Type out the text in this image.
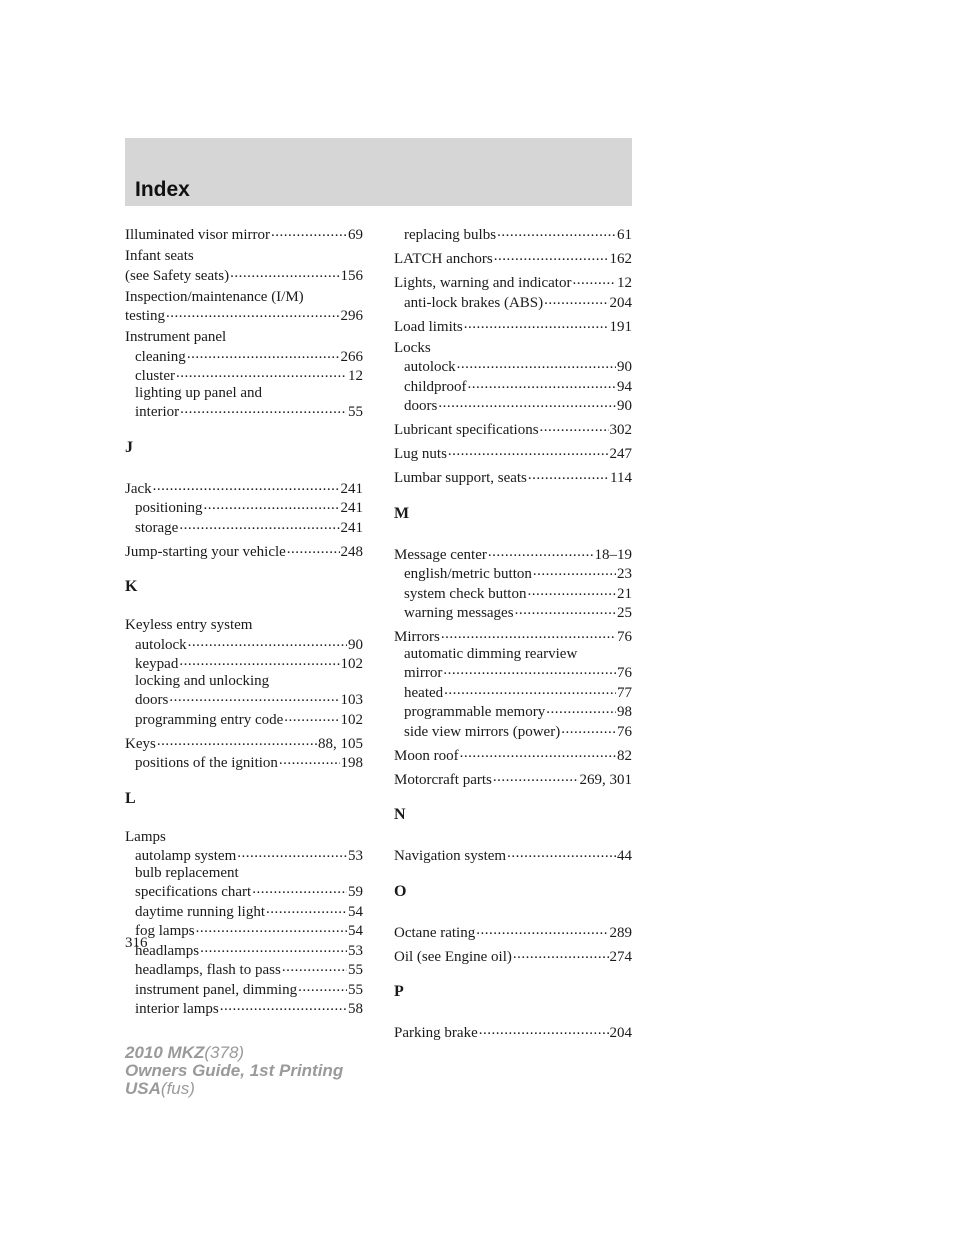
Index
Illuminated visor mirror .....	69
Infant seats
(see Safety seats) .....	156
Inspection/maintenance (I/M)
testing .....	296
Instrument panel
cleaning .....	266
cluster .....	12
lighting up panel and
interior .....	55
J
Jack .....	241
positioning .....	241
storage .....	241
Jump-starting your vehicle .....	248
K
Keyless entry system
autolock .....	90
keypad .....	102
locking and unlocking
doors .....	103
programming entry code .....	102
Keys .....	88, 105
positions of the ignition .....	198
L
Lamps
autolamp system .....	53
bulb replacement
specifications chart .....	59
daytime running light .....	54
fog lamps .....	54
headlamps .....	53
headlamps, flash to pass .....	55
instrument panel, dimming .....	55
interior lamps .....	58
replacing bulbs .....	61
LATCH anchors .....	162
Lights, warning and indicator .....	12
anti-lock brakes (ABS) .....	204
Load limits .....	191
Locks
autolock .....	90
childproof .....	94
doors .....	90
Lubricant specifications .....	302
Lug nuts .....	247
Lumbar support, seats .....	114
M
Message center .....	18–19
english/metric button .....	23
system check button .....	21
warning messages .....	25
Mirrors .....	76
automatic dimming rearview
mirror .....	76
heated .....	77
programmable memory .....	98
side view mirrors (power) .....	76
Moon roof .....	82
Motorcraft parts .....	269, 301
N
Navigation system .....	44
O
Octane rating .....	289
Oil (see Engine oil) .....	274
P
Parking brake .....	204
316
2010 MKZ(378)
Owners Guide, 1st Printing
USA(fus)
